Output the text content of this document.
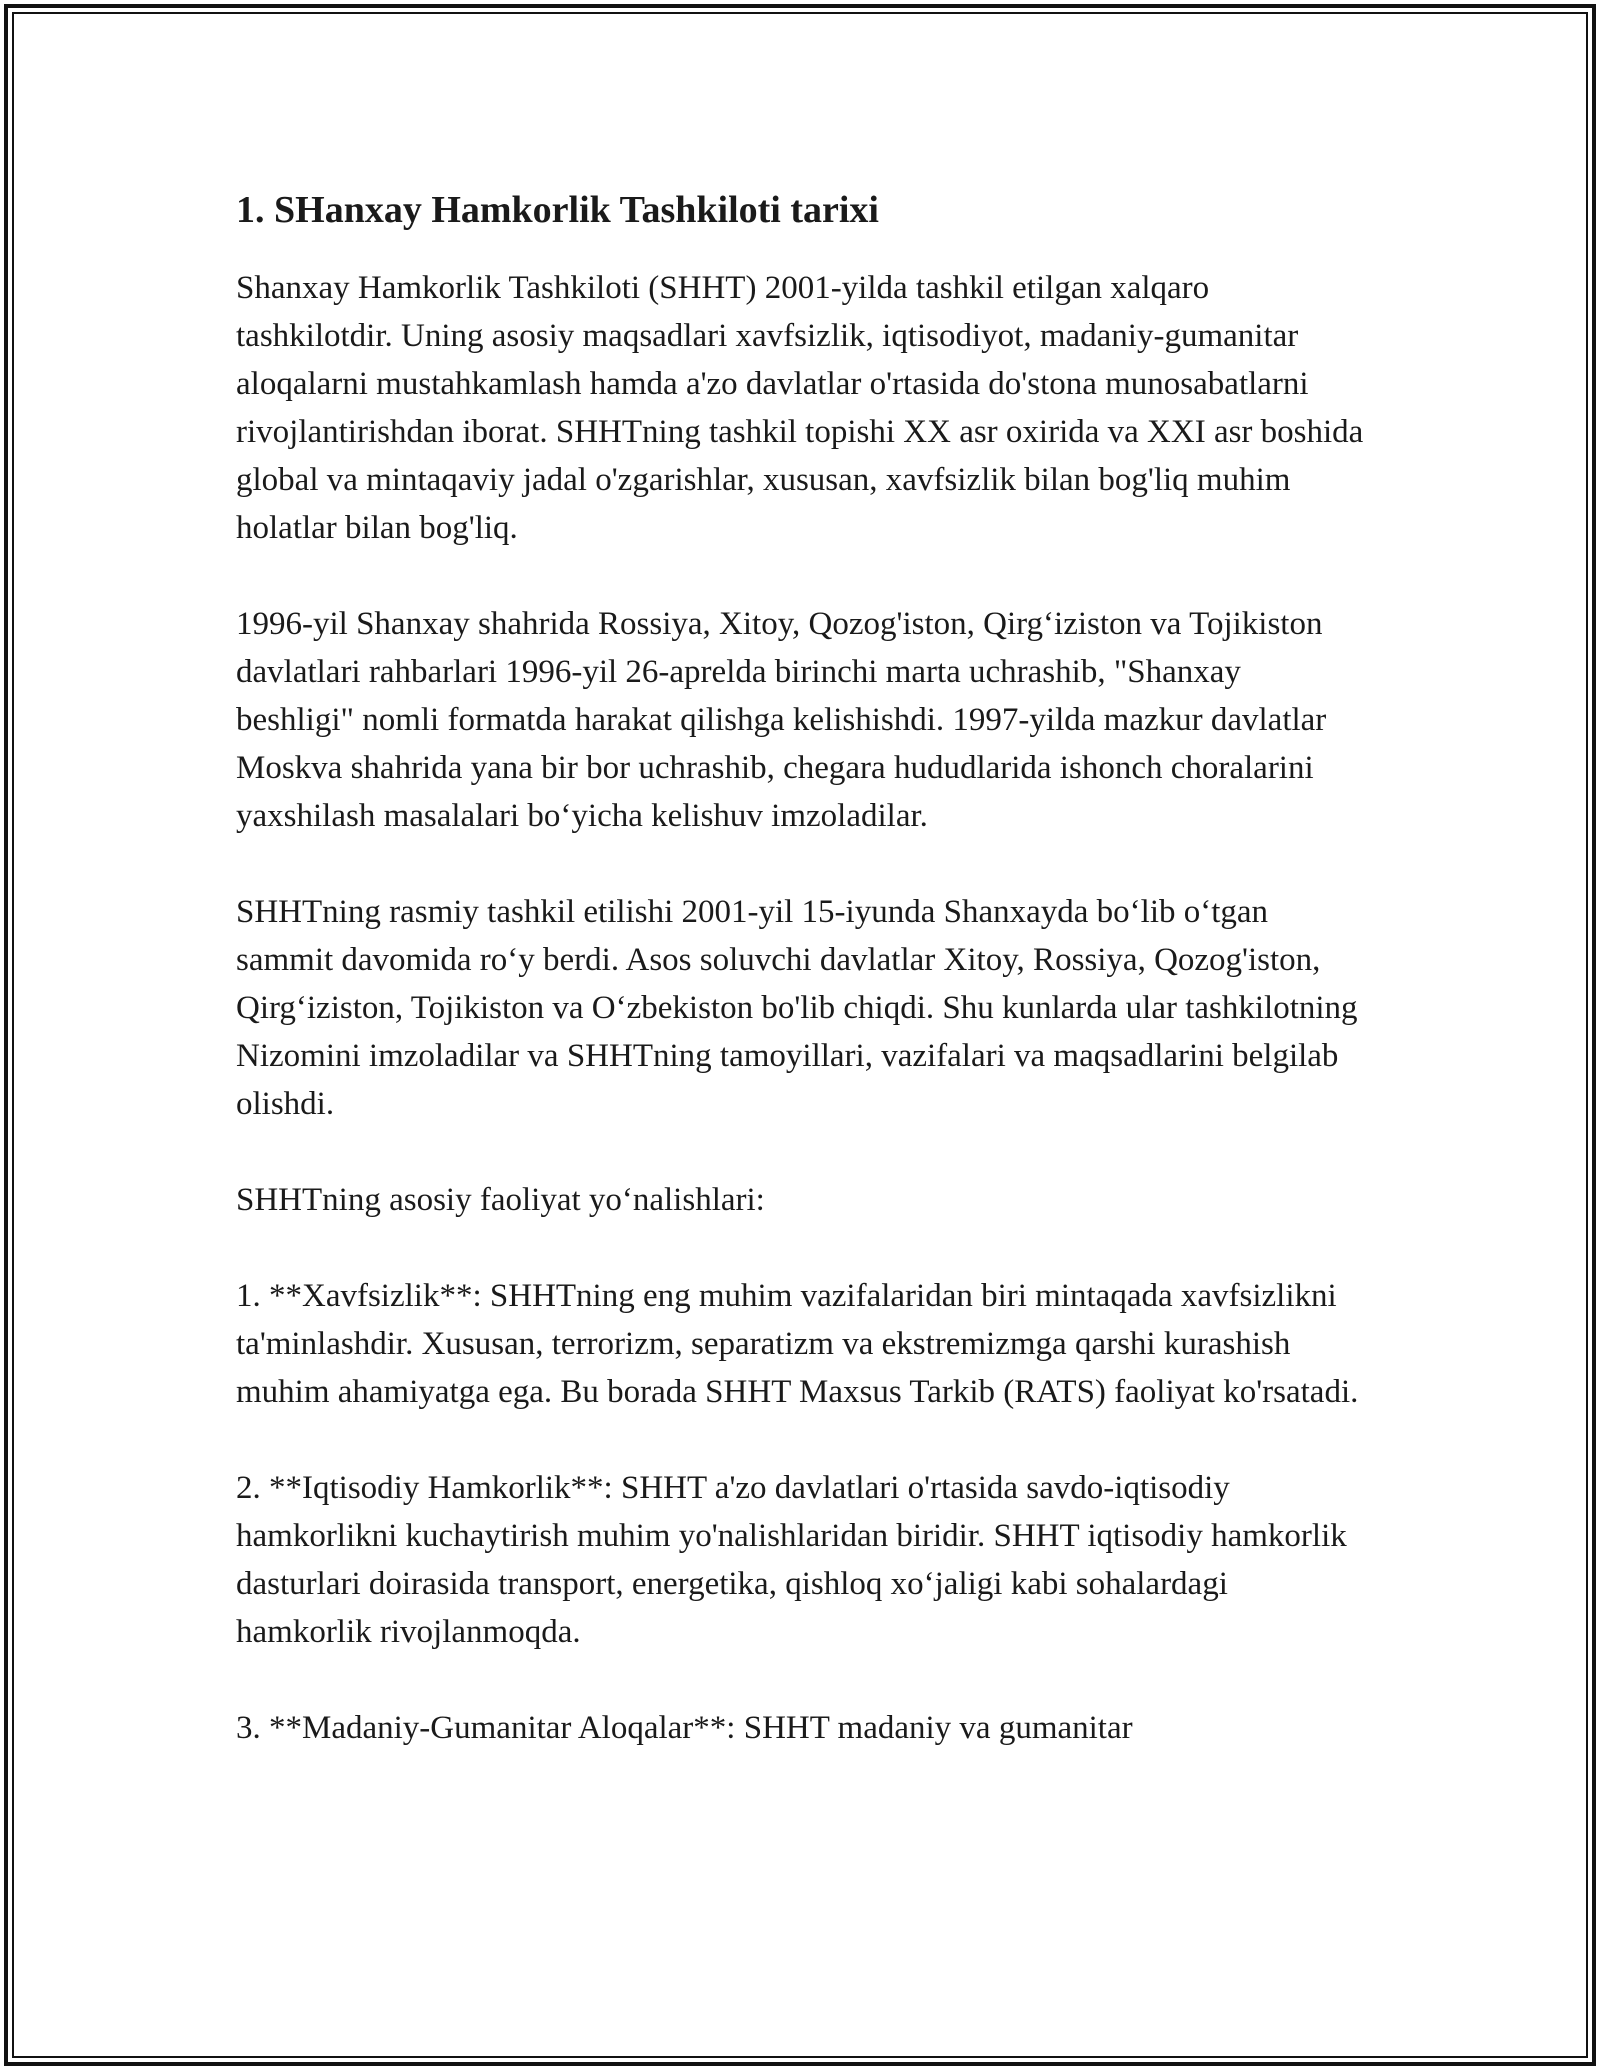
1. SHanxay Hamkorlik Tashkiloti tarixi

Shanxay Hamkorlik Tashkiloti (SHHT) 2001-yilda tashkil etilgan xalqaro tashkilotdir. Uning asosiy maqsadlari xavfsizlik, iqtisodiyot, madaniy-gumanitar aloqalarni mustahkamlash hamda a'zo davlatlar o'rtasida do'stona munosabatlarni rivojlantirishdan iborat. SHHTning tashkil topishi XX asr oxirida va XXI asr boshida global va mintaqaviy jadal o'zgarishlar, xususan, xavfsizlik bilan bog'liq muhim holatlar bilan bog'liq.

1996-yil Shanxay shahrida Rossiya, Xitoy, Qozog'iston, Qirg‘iziston va Tojikiston davlatlari rahbarlari 1996-yil 26-aprelda birinchi marta uchrashib, "Shanxay beshligi" nomli formatda harakat qilishga kelishishdi. 1997-yilda mazkur davlatlar Moskva shahrida yana bir bor uchrashib, chegara hududlarida ishonch choralarini yaxshilash masalalari bo‘yicha kelishuv imzoladilar.

SHHTning rasmiy tashkil etilishi 2001-yil 15-iyunda Shanxayda bo‘lib o‘tgan sammit davomida ro‘y berdi. Asos soluvchi davlatlar Xitoy, Rossiya, Qozog'iston, Qirg‘iziston, Tojikiston va O‘zbekiston bo'lib chiqdi. Shu kunlarda ular tashkilotning Nizomini imzoladilar va SHHTning tamoyillari, vazifalari va maqsadlarini belgilab olishdi.

SHHTning asosiy faoliyat yo‘nalishlari:

1. **Xavfsizlik**: SHHTning eng muhim vazifalaridan biri mintaqada xavfsizlikni ta'minlashdir. Xususan, terrorizm, separatizm va ekstremizmga qarshi kurashish muhim ahamiyatga ega. Bu borada SHHT Maxsus Tarkib (RATS) faoliyat ko'rsatadi.

2. **Iqtisodiy Hamkorlik**: SHHT a'zo davlatlari o'rtasida savdo-iqtisodiy hamkorlikni kuchaytirish muhim yo'nalishlaridan biridir. SHHT iqtisodiy hamkorlik dasturlari doirasida transport, energetika, qishloq xo‘jaligi kabi sohalardagi hamkorlik rivojlanmoqda.

3. **Madaniy-Gumanitar Aloqalar**: SHHT madaniy va gumanitar
